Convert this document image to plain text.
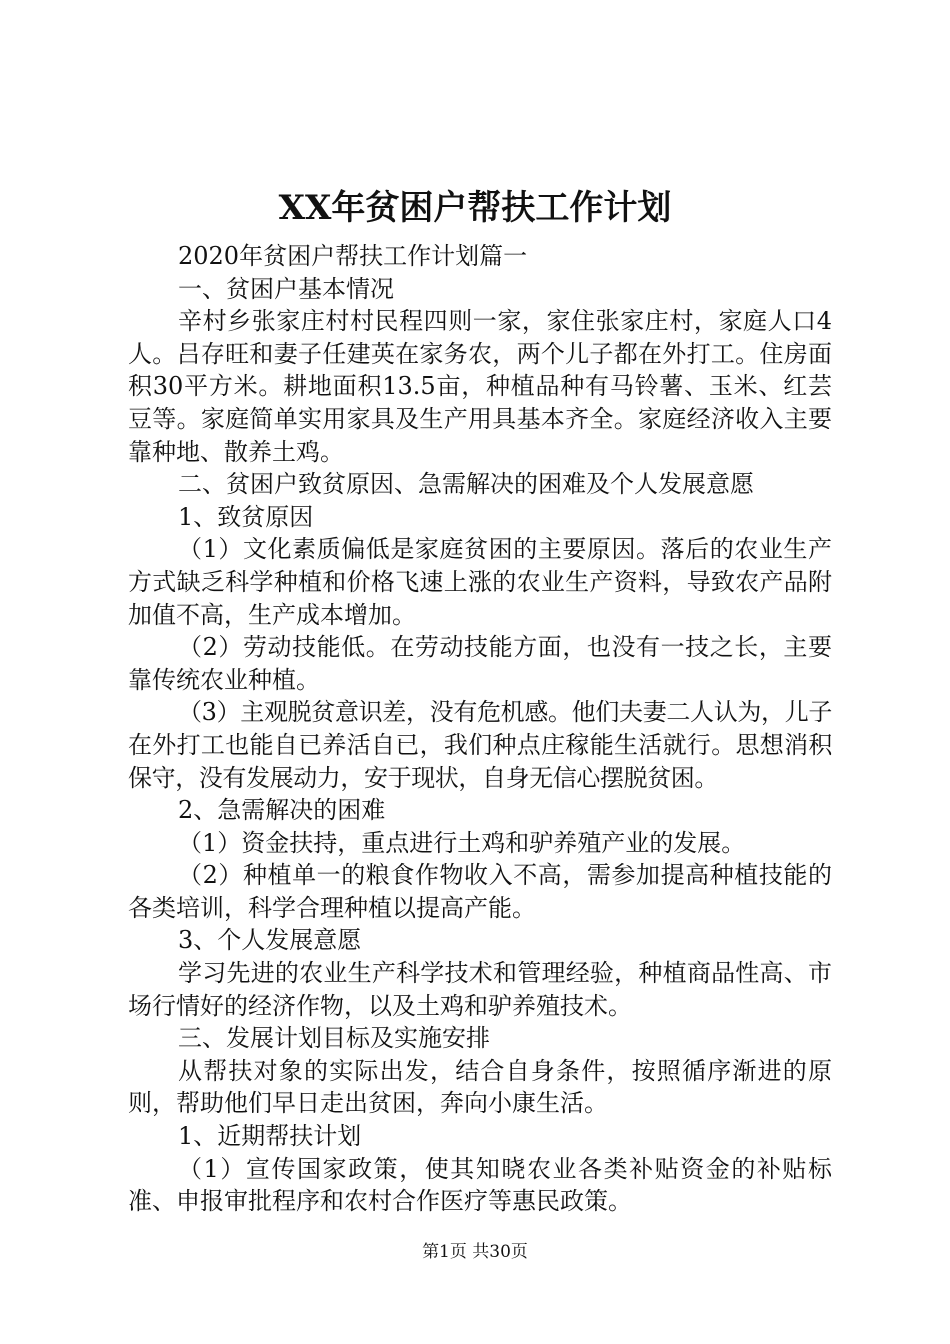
XX年贫困户帮扶工作计划

2020年贫困户帮扶工作计划篇一

一、贫困户基本情况

辛村乡张家庄村村民程四则一家，家住张家庄村，家庭人口4人。吕存旺和妻子任建英在家务农，两个儿子都在外打工。住房面积30平方米。耕地面积13.5亩，种植品种有马铃薯、玉米、红芸豆等。家庭简单实用家具及生产用具基本齐全。家庭经济收入主要靠种地、散养土鸡。

二、贫困户致贫原因、急需解决的困难及个人发展意愿

1、致贫原因

（1）文化素质偏低是家庭贫困的主要原因。落后的农业生产方式缺乏科学种植和价格飞速上涨的农业生产资料，导致农产品附加值不高，生产成本增加。

（2）劳动技能低。在劳动技能方面，也没有一技之长，主要靠传统农业种植。

（3）主观脱贫意识差，没有危机感。他们夫妻二人认为，儿子在外打工也能自已养活自已，我们种点庄稼能生活就行。思想消积保守，没有发展动力，安于现状，自身无信心摆脱贫困。

2、急需解决的困难

（1）资金扶持，重点进行土鸡和驴养殖产业的发展。

（2）种植单一的粮食作物收入不高，需参加提高种植技能的各类培训，科学合理种植以提高产能。

3、个人发展意愿

学习先进的农业生产科学技术和管理经验，种植商品性高、市场行情好的经济作物，以及土鸡和驴养殖技术。

三、发展计划目标及实施安排

从帮扶对象的实际出发，结合自身条件，按照循序渐进的原则，帮助他们早日走出贫困，奔向小康生活。

1、近期帮扶计划

（1）宣传国家政策，使其知晓农业各类补贴资金的补贴标准、申报审批程序和农村合作医疗等惠民政策。

第1页 共30页
